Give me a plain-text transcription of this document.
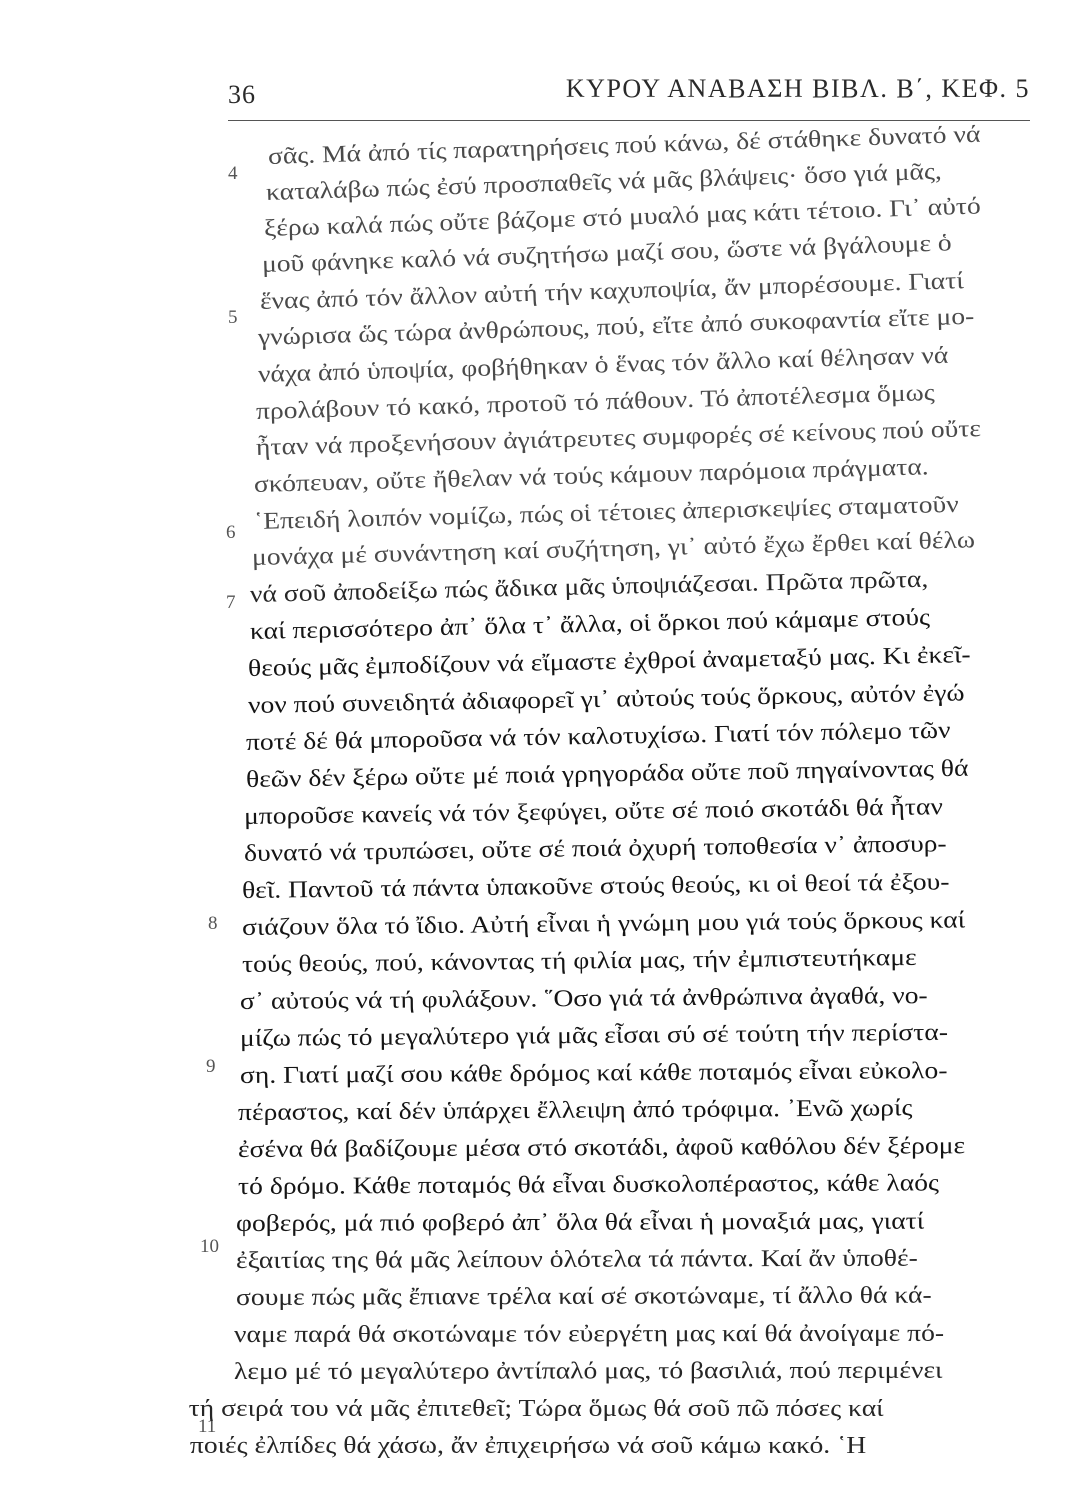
36	ΚΥΡΟΥ ΑΝΑΒΑΣΗ ΒΙΒΛ. Β΄, ΚΕΦ. 5
4
5
6
7
8
9
10
11
σᾶς. Μά ἀπό τίς παρατηρήσεις πού κάνω, δέ στάθηκε δυνατό νά
καταλάβω πώς ἐσύ προσπαθεῖς νά μᾶς βλάψεις· ὅσο γιά μᾶς,
ξέρω καλά πώς οὔτε βάζομε στό μυαλό μας κάτι τέτοιο. Γι᾿ αὐτό
μοῦ φάνηκε καλό νά συζητήσω μαζί σου, ὥστε νά βγάλουμε ὁ
ἕνας ἀπό τόν ἄλλον αὐτή τήν καχυποψία, ἄν μπορέσουμε. Γιατί
γνώρισα ὥς τώρα ἀνθρώπους, πού, εἴτε ἀπό συκοφαντία εἴτε μο-
νάχα ἀπό ὑποψία, φοβήθηκαν ὁ ἕνας τόν ἄλλο καί θέλησαν νά
προλάβουν τό κακό, προτοῦ τό πάθουν. Τό ἀποτέλεσμα ὅμως
ἦταν νά προξενήσουν ἀγιάτρευτες συμφορές σέ κείνους πού οὔτε
σκόπευαν, οὔτε ἤθελαν νά τούς κάμουν παρόμοια πράγματα.
῾Επειδή λοιπόν νομίζω, πώς οἱ τέτοιες ἀπερισκεψίες σταματοῦν
μονάχα μέ συνάντηση καί συζήτηση, γι᾿ αὐτό ἔχω ἔρθει καί θέλω
νά σοῦ ἀποδείξω πώς ἄδικα μᾶς ὑποψιάζεσαι. Πρῶτα πρῶτα,
καί περισσότερο ἀπ᾿ ὅλα τ᾿ ἄλλα, οἱ ὅρκοι πού κάμαμε στούς
θεούς μᾶς ἐμποδίζουν νά εἴμαστε ἐχθροί ἀναμεταξύ μας. Κι ἐκεῖ-
νον πού συνειδητά ἀδιαφορεῖ γι᾿ αὐτούς τούς ὅρκους, αὐτόν ἐγώ
ποτέ δέ θά μποροῦσα νά τόν καλοτυχίσω. Γιατί τόν πόλεμο τῶν
θεῶν δέν ξέρω οὔτε μέ ποιά γρηγοράδα οὔτε ποῦ πηγαίνοντας θά
μποροῦσε κανείς νά τόν ξεφύγει, οὔτε σέ ποιό σκοτάδι θά ἦταν
δυνατό νά τρυπώσει, οὔτε σέ ποιά ὀχυρή τοποθεσία ν᾿ ἀποσυρ-
θεῖ. Παντοῦ τά πάντα ὑπακοῦνε στούς θεούς, κι οἱ θεοί τά ἐξου-
σιάζουν ὅλα τό ἴδιο. Αὐτή εἶναι ἡ γνώμη μου γιά τούς ὅρκους καί
τούς θεούς, πού, κάνοντας τή φιλία μας, τήν ἐμπιστευτήκαμε
σ᾿ αὐτούς νά τή φυλάξουν. ῞Οσο γιά τά ἀνθρώπινα ἀγαθά, νο-
μίζω πώς τό μεγαλύτερο γιά μᾶς εἶσαι σύ σέ τούτη τήν περίστα-
ση. Γιατί μαζί σου κάθε δρόμος καί κάθε ποταμός εἶναι εὐκολο-
πέραστος, καί δέν ὑπάρχει ἔλλειψη ἀπό τρόφιμα. ᾿Ενῶ χωρίς
ἐσένα θά βαδίζουμε μέσα στό σκοτάδι, ἀφοῦ καθόλου δέν ξέρομε
τό δρόμο. Κάθε ποταμός θά εἶναι δυσκολοπέραστος, κάθε λαός
φοβερός, μά πιό φοβερό ἀπ᾿ ὅλα θά εἶναι ἡ μοναξιά μας, γιατί
ἐξαιτίας της θά μᾶς λείπουν ὁλότελα τά πάντα. Καί ἄν ὑποθέ-
σουμε πώς μᾶς ἔπιανε τρέλα καί σέ σκοτώναμε, τί ἄλλο θά κά-
ναμε παρά θά σκοτώναμε τόν εὐεργέτη μας καί θά ἀνοίγαμε πό-
λεμο μέ τό μεγαλύτερο ἀντίπαλό μας, τό βασιλιά, πού περιμένει
τή σειρά του νά μᾶς ἐπιτεθεῖ; Τώρα ὅμως θά σοῦ πῶ πόσες καί
ποιές ἐλπίδες θά χάσω, ἄν ἐπιχειρήσω νά σοῦ κάμω κακό. ῾Η
